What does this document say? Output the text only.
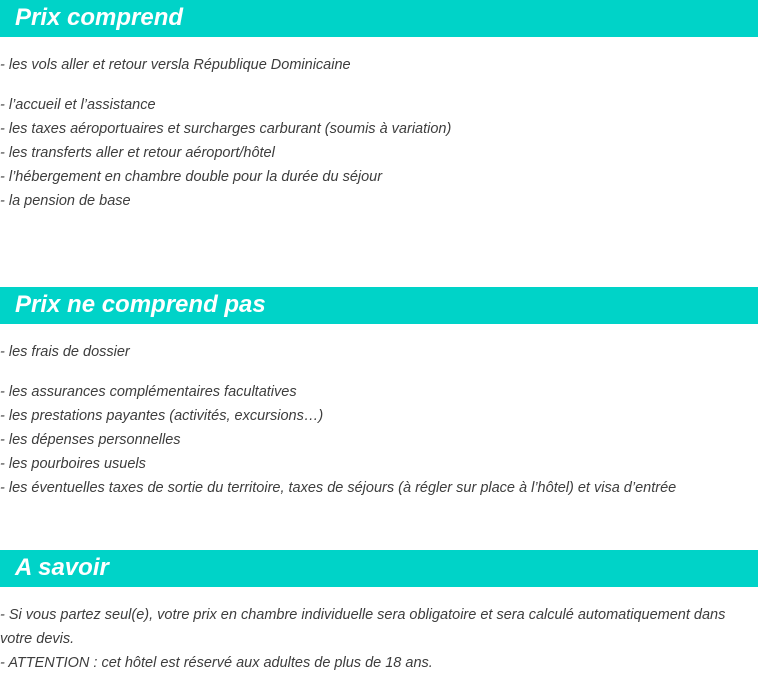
Prix comprend
- les vols aller et retour versla République Dominicaine
- l’accueil et l’assistance
- les taxes aéroportuaires et surcharges carburant (soumis à variation)
- les transferts aller et retour aéroport/hôtel
- l’hébergement en chambre double pour la durée du séjour
- la pension de base
Prix ne comprend pas
- les frais de dossier
- les assurances complémentaires facultatives
- les prestations payantes (activités, excursions…)
- les dépenses personnelles
- les pourboires usuels
- les éventuelles taxes de sortie du territoire, taxes de séjours (à régler sur place à l’hôtel) et visa d’entrée
A savoir
- Si vous partez seul(e), votre prix en chambre individuelle sera obligatoire et sera calculé automatiquement dans votre devis.
- ATTENTION : cet hôtel est réservé aux adultes de plus de 18 ans.
